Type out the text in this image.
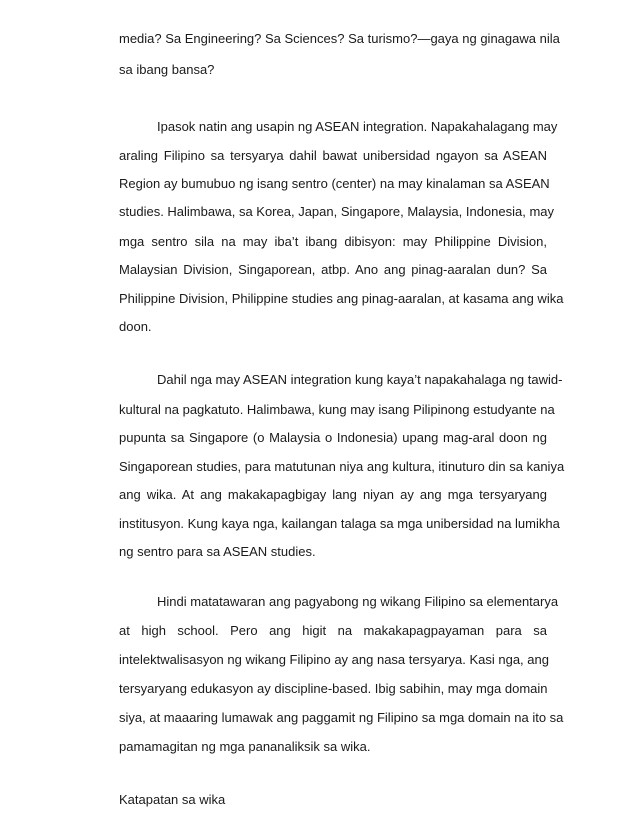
media? Sa Engineering? Sa Sciences? Sa turismo?—gaya ng ginagawa nila
sa ibang bansa?
Ipasok natin ang usapin ng ASEAN integration. Napakahalagang may
araling Filipino sa tersyarya dahil bawat unibersidad ngayon sa ASEAN
Region ay bumubuo ng isang sentro (center) na may kinalaman sa ASEAN
studies. Halimbawa, sa Korea, Japan, Singapore, Malaysia, Indonesia, may
mga sentro sila na may iba’t ibang dibisyon: may Philippine Division,
Malaysian Division, Singaporean, atbp. Ano ang pinag-aaralan dun? Sa
Philippine Division, Philippine studies ang pinag-aaralan, at kasama ang wika
doon.
Dahil nga may ASEAN integration kung kaya’t napakahalaga ng tawid-
kultural na pagkatuto. Halimbawa, kung may isang Pilipinong estudyante na
pupunta sa Singapore (o Malaysia o Indonesia) upang mag-aral doon ng
Singaporean studies, para matutunan niya ang kultura, itinuturo din sa kaniya
ang wika. At ang makakapagbigay lang niyan ay ang mga tersyaryang
institusyon. Kung kaya nga, kailangan talaga sa mga unibersidad na lumikha
ng sentro para sa ASEAN studies.
Hindi matatawaran ang pagyabong ng wikang Filipino sa elementarya
at high school. Pero ang higit na makakapagpayaman para sa
intelektwalisasyon ng wikang Filipino ay ang nasa tersyarya. Kasi nga, ang
tersyaryang edukasyon ay discipline-based. Ibig sabihin, may mga domain
siya, at maaaring lumawak ang paggamit ng Filipino sa mga domain na ito sa
pamamagitan ng mga pananaliksik sa wika.
Katapatan sa wika
